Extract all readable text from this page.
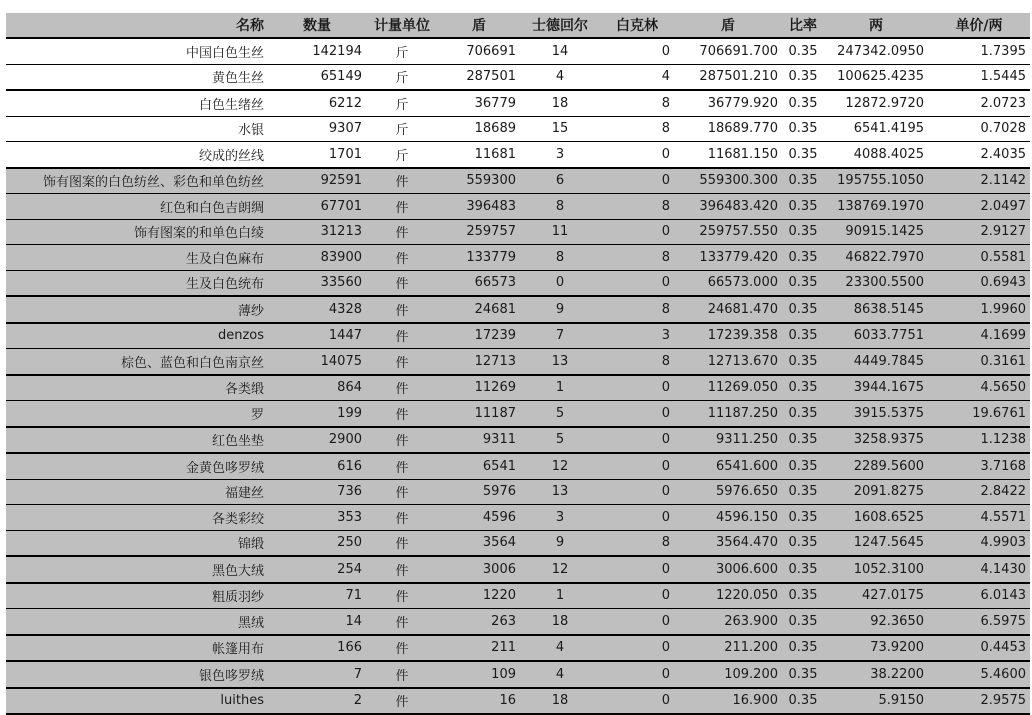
名称	数量	计量单位	盾	士德回尔	白克林	盾	比率	两	单价/两
中国白色生丝	142194	斤	706691	14	0	706691.700	0.35	247342.0950	1.7395
黄色生丝	65149	斤	287501	4	4	287501.210	0.35	100625.4235	1.5445
白色生绪丝	6212	斤	36779	18	8	36779.920	0.35	12872.9720	2.0723
水银	9307	斤	18689	15	8	18689.770	0.35	6541.4195	0.7028
绞成的丝线	1701	斤	11681	3	0	11681.150	0.35	4088.4025	2.4035
饰有图案的白色纺丝、彩色和单色纺丝	92591	件	559300	6	0	559300.300	0.35	195755.1050	2.1142
红色和白色吉朗绸	67701	件	396483	8	8	396483.420	0.35	138769.1970	2.0497
饰有图案的和单色白绫	31213	件	259757	11	0	259757.550	0.35	90915.1425	2.9127
生及白色麻布	83900	件	133779	8	8	133779.420	0.35	46822.7970	0.5581
生及白色统布	33560	件	66573	0	0	66573.000	0.35	23300.5500	0.6943
薄纱	4328	件	24681	9	8	24681.470	0.35	8638.5145	1.9960
denzos	1447	件	17239	7	3	17239.358	0.35	6033.7751	4.1699
棕色、蓝色和白色南京丝	14075	件	12713	13	8	12713.670	0.35	4449.7845	0.3161
各类缎	864	件	11269	1	0	11269.050	0.35	3944.1675	4.5650
罗	199	件	11187	5	0	11187.250	0.35	3915.5375	19.6761
红色坐垫	2900	件	9311	5	0	9311.250	0.35	3258.9375	1.1238
金黄色哆罗绒	616	件	6541	12	0	6541.600	0.35	2289.5600	3.7168
福建丝	736	件	5976	13	0	5976.650	0.35	2091.8275	2.8422
各类彩绞	353	件	4596	3	0	4596.150	0.35	1608.6525	4.5571
锦缎	250	件	3564	9	8	3564.470	0.35	1247.5645	4.9903
黑色大绒	254	件	3006	12	0	3006.600	0.35	1052.3100	4.1430
粗质羽纱	71	件	1220	1	0	1220.050	0.35	427.0175	6.0143
黑绒	14	件	263	18	0	263.900	0.35	92.3650	6.5975
帐篷用布	166	件	211	4	0	211.200	0.35	73.9200	0.4453
银色哆罗绒	7	件	109	4	0	109.200	0.35	38.2200	5.4600
luithes	2	件	16	18	0	16.900	0.35	5.9150	2.9575
